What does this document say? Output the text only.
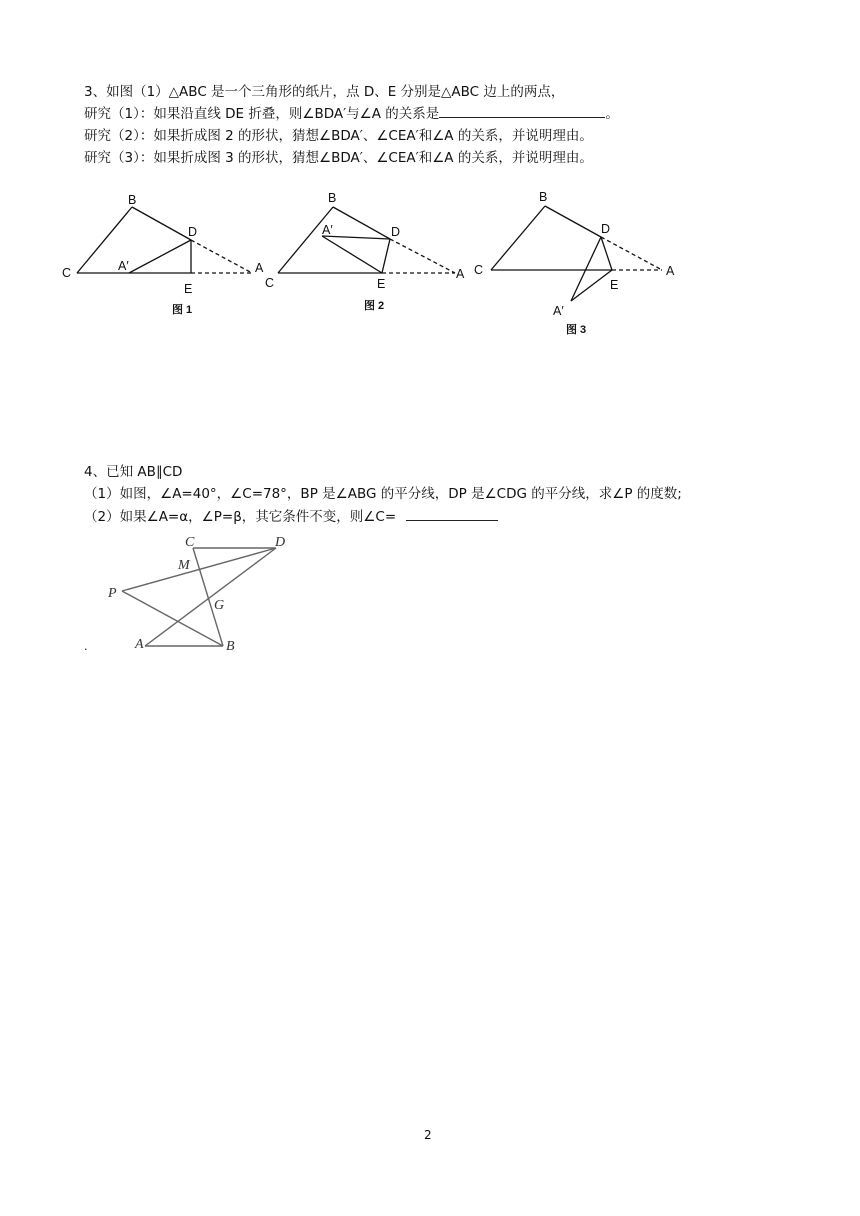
3、如图（1）△ABC 是一个三角形的纸片，点 D、E 分别是△ABC 边上的两点，
研究（1）：如果沿直线 DE 折叠，则∠BDA′与∠A 的关系是	。
研究（2）：如果折成图 2 的形状，猜想∠BDA′、∠CEA′和∠A 的关系，并说明理由。
研究（3）：如果折成图 3 的形状，猜想∠BDA′、∠CEA′和∠A 的关系，并说明理由。
B
D
C	A′	A
E
图 1
B
A′	D
C
A
E
图 2
B
D
C	A
E
A′
图 3
4、已知 AB∥CD
（1）如图，∠A=40°，∠C=78°，BP 是∠ABG 的平分线，DP 是∠CDG 的平分线，求∠P 的度数;
（2）如果∠A=α，∠P=β，其它条件不变，则∠C=
C	D
M
P
G
A	B
.
2
